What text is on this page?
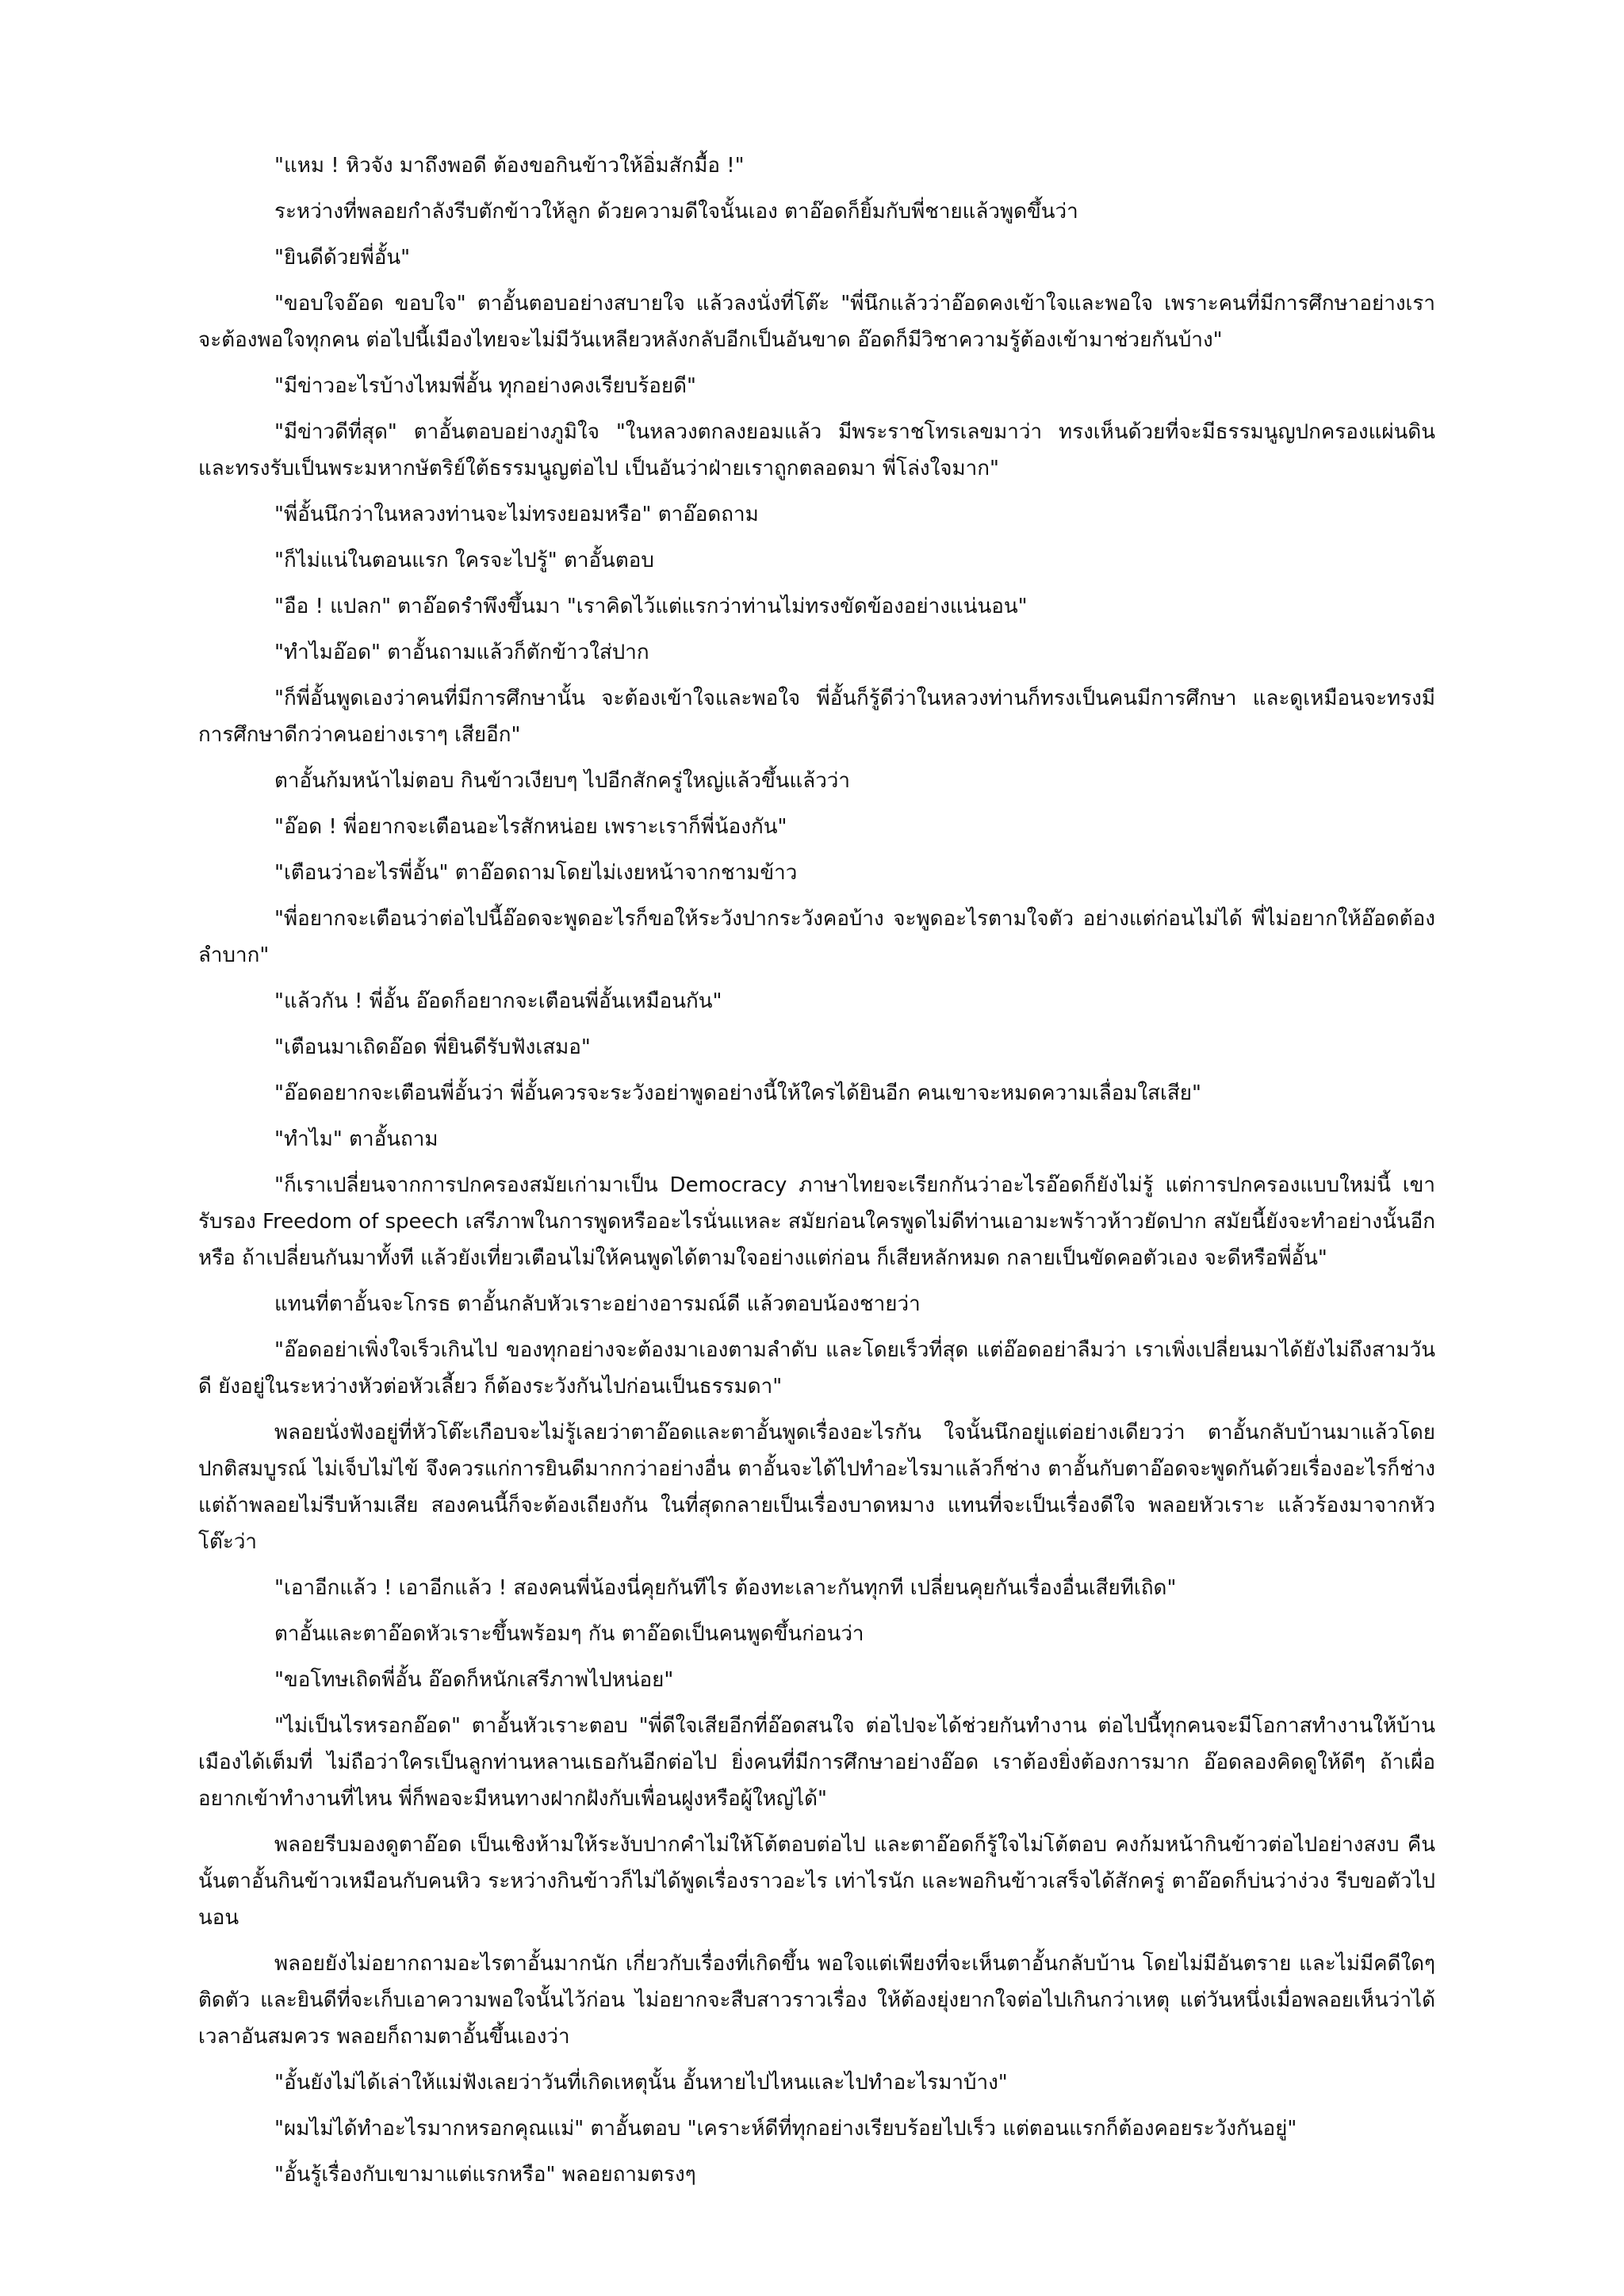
"แหม ! หิวจัง มาถึงพอดี ต้องขอกินข้าวให้อิ่มสักมื้อ !"

ระหว่างที่พลอยกำลังรีบตักข้าวให้ลูก ด้วยความดีใจนั้นเอง ตาอ๊อดก็ยิ้มกับพี่ชายแล้วพูดขึ้นว่า

"ยินดีด้วยพี่อั้น"

"ขอบใจอ๊อด ขอบใจ" ตาอั้นตอบอย่างสบายใจ แล้วลงนั่งที่โต๊ะ "พี่นึกแล้วว่าอ๊อดคงเข้าใจและพอใจ เพราะคนที่มีการศึกษาอย่างเรา จะต้องพอใจทุกคน ต่อไปนี้เมืองไทยจะไม่มีวันเหลียวหลังกลับอีกเป็นอันขาด อ๊อดก็มีวิชาความรู้ต้องเข้ามาช่วยกันบ้าง"

"มีข่าวอะไรบ้างไหมพี่อั้น ทุกอย่างคงเรียบร้อยดี"

"มีข่าวดีที่สุด" ตาอั้นตอบอย่างภูมิใจ "ในหลวงตกลงยอมแล้ว มีพระราชโทรเลขมาว่า ทรงเห็นด้วยที่จะมีธรรมนูญปกครองแผ่นดิน และทรงรับเป็นพระมหากษัตริย์ใต้ธรรมนูญต่อไป เป็นอันว่าฝ่ายเราถูกตลอดมา พี่โล่งใจมาก"

"พี่อั้นนึกว่าในหลวงท่านจะไม่ทรงยอมหรือ" ตาอ๊อดถาม

"ก็ไม่แน่ในตอนแรก ใครจะไปรู้" ตาอั้นตอบ

"อือ ! แปลก" ตาอ๊อดรำพึงขึ้นมา "เราคิดไว้แต่แรกว่าท่านไม่ทรงขัดข้องอย่างแน่นอน"

"ทำไมอ๊อด" ตาอั้นถามแล้วก็ตักข้าวใส่ปาก

"ก็พี่อั้นพูดเองว่าคนที่มีการศึกษานั้น จะต้องเข้าใจและพอใจ พี่อั้นก็รู้ดีว่าในหลวงท่านก็ทรงเป็นคนมีการศึกษา และดูเหมือนจะทรงมีการศึกษาดีกว่าคนอย่างเราๆ เสียอีก"

ตาอั้นก้มหน้าไม่ตอบ กินข้าวเงียบๆ ไปอีกสักครู่ใหญ่แล้วขึ้นแล้วว่า

"อ๊อด ! พี่อยากจะเตือนอะไรสักหน่อย เพราะเราก็พี่น้องกัน"

"เตือนว่าอะไรพี่อั้น" ตาอ๊อดถามโดยไม่เงยหน้าจากชามข้าว

"พี่อยากจะเตือนว่าต่อไปนี้อ๊อดจะพูดอะไรก็ขอให้ระวังปากระวังคอบ้าง จะพูดอะไรตามใจตัว อย่างแต่ก่อนไม่ได้ พี่ไม่อยากให้อ๊อดต้องลำบาก"

"แล้วกัน ! พี่อั้น อ๊อดก็อยากจะเตือนพี่อั้นเหมือนกัน"

"เตือนมาเถิดอ๊อด พี่ยินดีรับฟังเสมอ"

"อ๊อดอยากจะเตือนพี่อั้นว่า พี่อั้นควรจะระวังอย่าพูดอย่างนี้ให้ใครได้ยินอีก คนเขาจะหมดความเลื่อมใสเสีย"

"ทำไม" ตาอั้นถาม

"ก็เราเปลี่ยนจากการปกครองสมัยเก่ามาเป็น Democracy ภาษาไทยจะเรียกกันว่าอะไรอ๊อดก็ยังไม่รู้ แต่การปกครองแบบใหม่นี้ เขารับรอง Freedom of speech เสรีภาพในการพูดหรืออะไรนั่นแหละ สมัยก่อนใครพูดไม่ดีท่านเอามะพร้าวห้าวยัดปาก สมัยนี้ยังจะทำอย่างนั้นอีกหรือ ถ้าเปลี่ยนกันมาทั้งที แล้วยังเที่ยวเตือนไม่ให้คนพูดได้ตามใจอย่างแต่ก่อน ก็เสียหลักหมด กลายเป็นขัดคอตัวเอง จะดีหรือพี่อั้น"

แทนที่ตาอั้นจะโกรธ ตาอั้นกลับหัวเราะอย่างอารมณ์ดี แล้วตอบน้องชายว่า

"อ๊อดอย่าเพิ่งใจเร็วเกินไป ของทุกอย่างจะต้องมาเองตามลำดับ และโดยเร็วที่สุด แต่อ๊อดอย่าลืมว่า เราเพิ่งเปลี่ยนมาได้ยังไม่ถึงสามวันดี ยังอยู่ในระหว่างหัวต่อหัวเลี้ยว ก็ต้องระวังกันไปก่อนเป็นธรรมดา"

พลอยนั่งฟังอยู่ที่หัวโต๊ะเกือบจะไม่รู้เลยว่าตาอ๊อดและตาอั้นพูดเรื่องอะไรกัน ใจนั้นนึกอยู่แต่อย่างเดียวว่า ตาอั้นกลับบ้านมาแล้วโดยปกติสมบูรณ์ ไม่เจ็บไม่ไข้ จึงควรแก่การยินดีมากกว่าอย่างอื่น ตาอั้นจะได้ไปทำอะไรมาแล้วก็ช่าง ตาอั้นกับตาอ๊อดจะพูดกันด้วยเรื่องอะไรก็ช่าง แต่ถ้าพลอยไม่รีบห้ามเสีย สองคนนี้ก็จะต้องเถียงกัน ในที่สุดกลายเป็นเรื่องบาดหมาง แทนที่จะเป็นเรื่องดีใจ พลอยหัวเราะ แล้วร้องมาจากหัวโต๊ะว่า

"เอาอีกแล้ว ! เอาอีกแล้ว ! สองคนพี่น้องนี่คุยกันทีไร ต้องทะเลาะกันทุกที เปลี่ยนคุยกันเรื่องอื่นเสียทีเถิด"

ตาอั้นและตาอ๊อดหัวเราะขึ้นพร้อมๆ กัน ตาอ๊อดเป็นคนพูดขึ้นก่อนว่า

"ขอโทษเถิดพี่อั้น อ๊อดก็หนักเสรีภาพไปหน่อย"

"ไม่เป็นไรหรอกอ๊อด" ตาอั้นหัวเราะตอบ "พี่ดีใจเสียอีกที่อ๊อดสนใจ ต่อไปจะได้ช่วยกันทำงาน ต่อไปนี้ทุกคนจะมีโอกาสทำงานให้บ้านเมืองได้เต็มที่ ไม่ถือว่าใครเป็นลูกท่านหลานเธอกันอีกต่อไป ยิ่งคนที่มีการศึกษาอย่างอ๊อด เราต้องยิ่งต้องการมาก อ๊อดลองคิดดูให้ดีๆ ถ้าเผื่ออยากเข้าทำงานที่ไหน พี่ก็พอจะมีหนทางฝากฝังกับเพื่อนฝูงหรือผู้ใหญ่ได้"

พลอยรีบมองดูตาอ๊อด เป็นเชิงห้ามให้ระงับปากคำไม่ให้โต้ตอบต่อไป และตาอ๊อดก็รู้ใจไม่โต้ตอบ คงก้มหน้ากินข้าวต่อไปอย่างสงบ คืนนั้นตาอั้นกินข้าวเหมือนกับคนหิว ระหว่างกินข้าวก็ไม่ได้พูดเรื่องราวอะไร เท่าไรนัก และพอกินข้าวเสร็จได้สักครู่ ตาอ๊อดก็บ่นว่าง่วง รีบขอตัวไปนอน

พลอยยังไม่อยากถามอะไรตาอั้นมากนัก เกี่ยวกับเรื่องที่เกิดขึ้น พอใจแต่เพียงที่จะเห็นตาอั้นกลับบ้าน โดยไม่มีอันตราย และไม่มีคดีใดๆ ติดตัว และยินดีที่จะเก็บเอาความพอใจนั้นไว้ก่อน ไม่อยากจะสืบสาวราวเรื่อง ให้ต้องยุ่งยากใจต่อไปเกินกว่าเหตุ แต่วันหนึ่งเมื่อพลอยเห็นว่าได้เวลาอันสมควร พลอยก็ถามตาอั้นขึ้นเองว่า

"อั้นยังไม่ได้เล่าให้แม่ฟังเลยว่าวันที่เกิดเหตุนั้น อั้นหายไปไหนและไปทำอะไรมาบ้าง"

"ผมไม่ได้ทำอะไรมากหรอกคุณแม่" ตาอั้นตอบ "เคราะห์ดีที่ทุกอย่างเรียบร้อยไปเร็ว แต่ตอนแรกก็ต้องคอยระวังกันอยู่"

"อั้นรู้เรื่องกับเขามาแต่แรกหรือ" พลอยถามตรงๆ
